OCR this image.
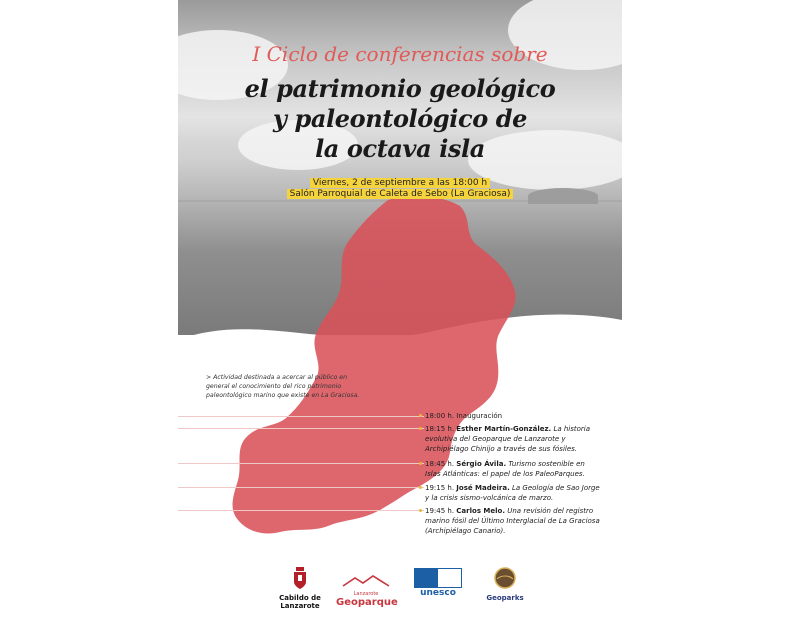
I Ciclo de conferencias sobre
el patrimonio geológico
y paleontológico de
la octava isla
Viernes, 2 de septiembre a las 18:00 h
Salón Parroquial de Caleta de Sebo (La Graciosa)
> Actividad destinada a acercar al público en general el conocimiento del rico patrimonio paleontológico marino que existe en La Graciosa.
18:00 h. Inauguración
18:15 h. Esther Martín-González. La historia evolutiva del Geoparque de Lanzarote y Archipiélago Chinijo a través de sus fósiles.
18:45 h. Sérgio Ávila. Turismo sostenible en Islas Atlánticas: el papel de los PaleoParques.
19:15 h. José Madeira. La Geología de Sao Jorge y la crisis sismo-volcánica de marzo.
19:45 h. Carlos Melo. Una revisión del registro marino fósil del Último Interglacial de La Graciosa (Archipiélago Canario).
Cabildo de
Lanzarote
Lanzarote
Geoparque
unesco	Geoparks
